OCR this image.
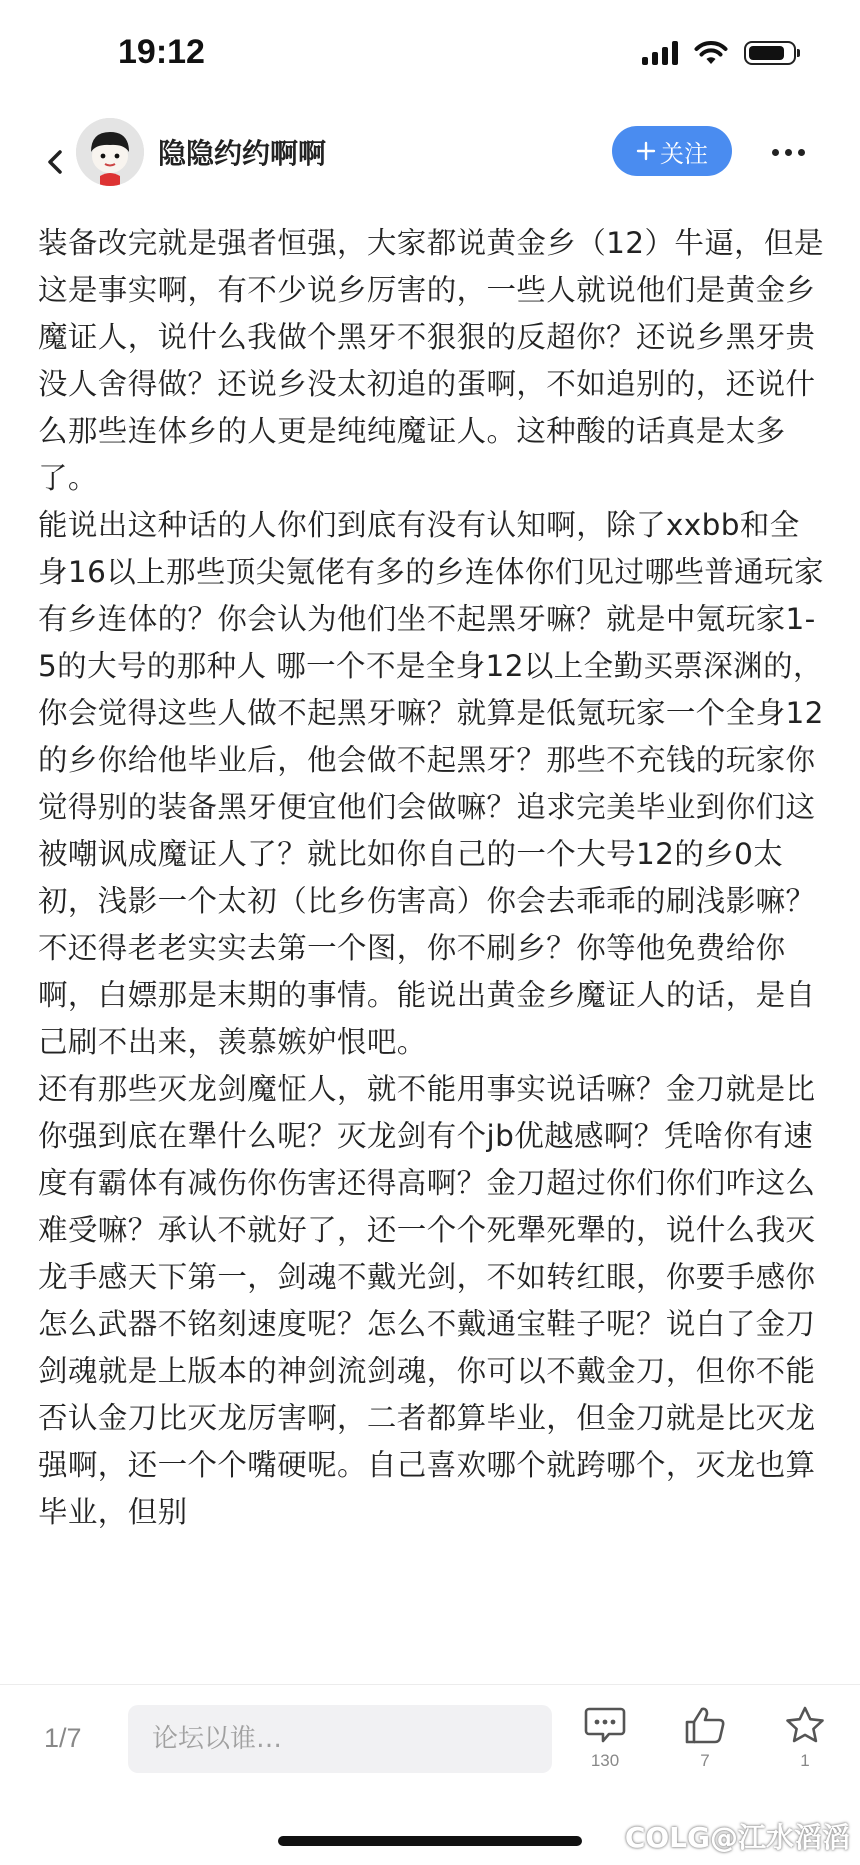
19:12
隐隐约约啊啊	关注

装备改完就是强者恒强，大家都说黄金乡（12）牛逼，但是这是事实啊，有不少说乡厉害的，一些人就说他们是黄金乡魔证人，说什么我做个黑牙不狠狠的反超你？还说乡黑牙贵没人舍得做？还说乡没太初追的蛋啊，不如追别的，还说什么那些连体乡的人更是纯纯魔证人。这种酸的话真是太多了。

能说出这种话的人你们到底有没有认知啊，除了xxbb和全身16以上那些顶尖氪佬有多的乡连体你们见过哪些普通玩家有乡连体的？你会认为他们坐不起黑牙嘛？就是中氪玩家1-5的大号的那种人 哪一个不是全身12以上全勤买票深渊的，你会觉得这些人做不起黑牙嘛？就算是低氪玩家一个全身12的乡你给他毕业后，他会做不起黑牙？那些不充钱的玩家你觉得别的装备黑牙便宜他们会做嘛？追求完美毕业到你们这被嘲讽成魔证人了？就比如你自己的一个大号12的乡0太初，浅影一个太初（比乡伤害高）你会去乖乖的刷浅影嘛？不还得老老实实去第一个图，你不刷乡？你等他免费给你啊，白嫖那是末期的事情。能说出黄金乡魔证人的话，是自己刷不出来，羡慕嫉妒恨吧。

还有那些灭龙剑魔怔人，就不能用事实说话嘛？金刀就是比你强到底在犟什么呢？灭龙剑有个jb优越感啊？凭啥你有速度有霸体有减伤你伤害还得高啊？金刀超过你们你们咋这么难受嘛？承认不就好了，还一个个死犟死犟的，说什么我灭龙手感天下第一，剑魂不戴光剑，不如转红眼，你要手感你怎么武器不铭刻速度呢？怎么不戴通宝鞋子呢？说白了金刀剑魂就是上版本的神剑流剑魂，你可以不戴金刀，但你不能否认金刀比灭龙厉害啊，二者都算毕业，但金刀就是比灭龙强啊，还一个个嘴硬呢。自己喜欢哪个就跨哪个，灭龙也算毕业，但别

1/7
论坛以谁…
130	7	1
COLG@江水滔滔
